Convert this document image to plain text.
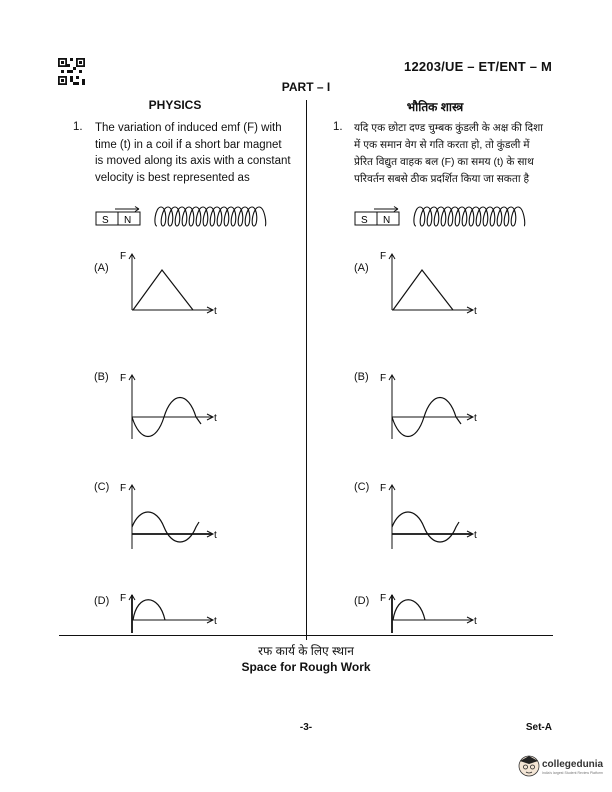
12203/UE – ET/ENT – M
PART – I
PHYSICS
1. The variation of induced emf (F) with
time (t) in a coil if a short bar magnet
is moved along its axis with a constant
velocity is best represented as
भौतिक शास्त्र
1. यदि एक छोटा दण्ड चुम्बक कुंडली के अक्ष की दिशा
में एक समान वेग से गति करता हो, तो कुंडली में
प्रेरित विद्युत वाहक बल (F) का समय (t) के साथ
परिवर्तन सबसे ठीक प्रदर्शित किया जा सकता है
S N	S N
(A)
F
t
(B) F
t
(C) F
t
(D) F
t
(A)
F
t
(B) F
t
(C) F
t
(D) F
t
रफ कार्य के लिए स्थान
Space for Rough Work
-3-	Set-A
collegedunia
India's largest Student Review Platform
